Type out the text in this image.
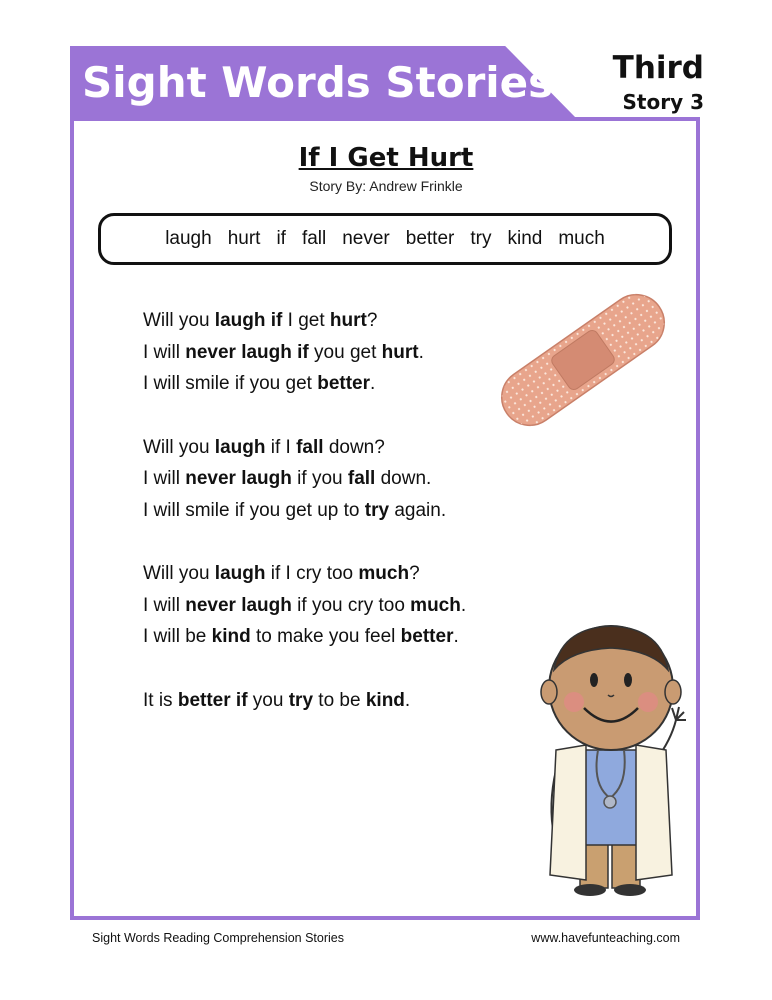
Sight Words Stories Third
Story 3
If I Get Hurt
Story By: Andrew Frinkle
laugh hurt if fall never better try kind much
Will you laugh if I get hurt?
I will never laugh if you get hurt.
I will smile if you get better.
Will you laugh if I fall down?
I will never laugh if you fall down.
I will smile if you get up to try again.
Will you laugh if I cry too much?
I will never laugh if you cry too much.
I will be kind to make you feel better.
It is better if you try to be kind.
Sight Words Reading Comprehension Stories	www.havefunteaching.com
